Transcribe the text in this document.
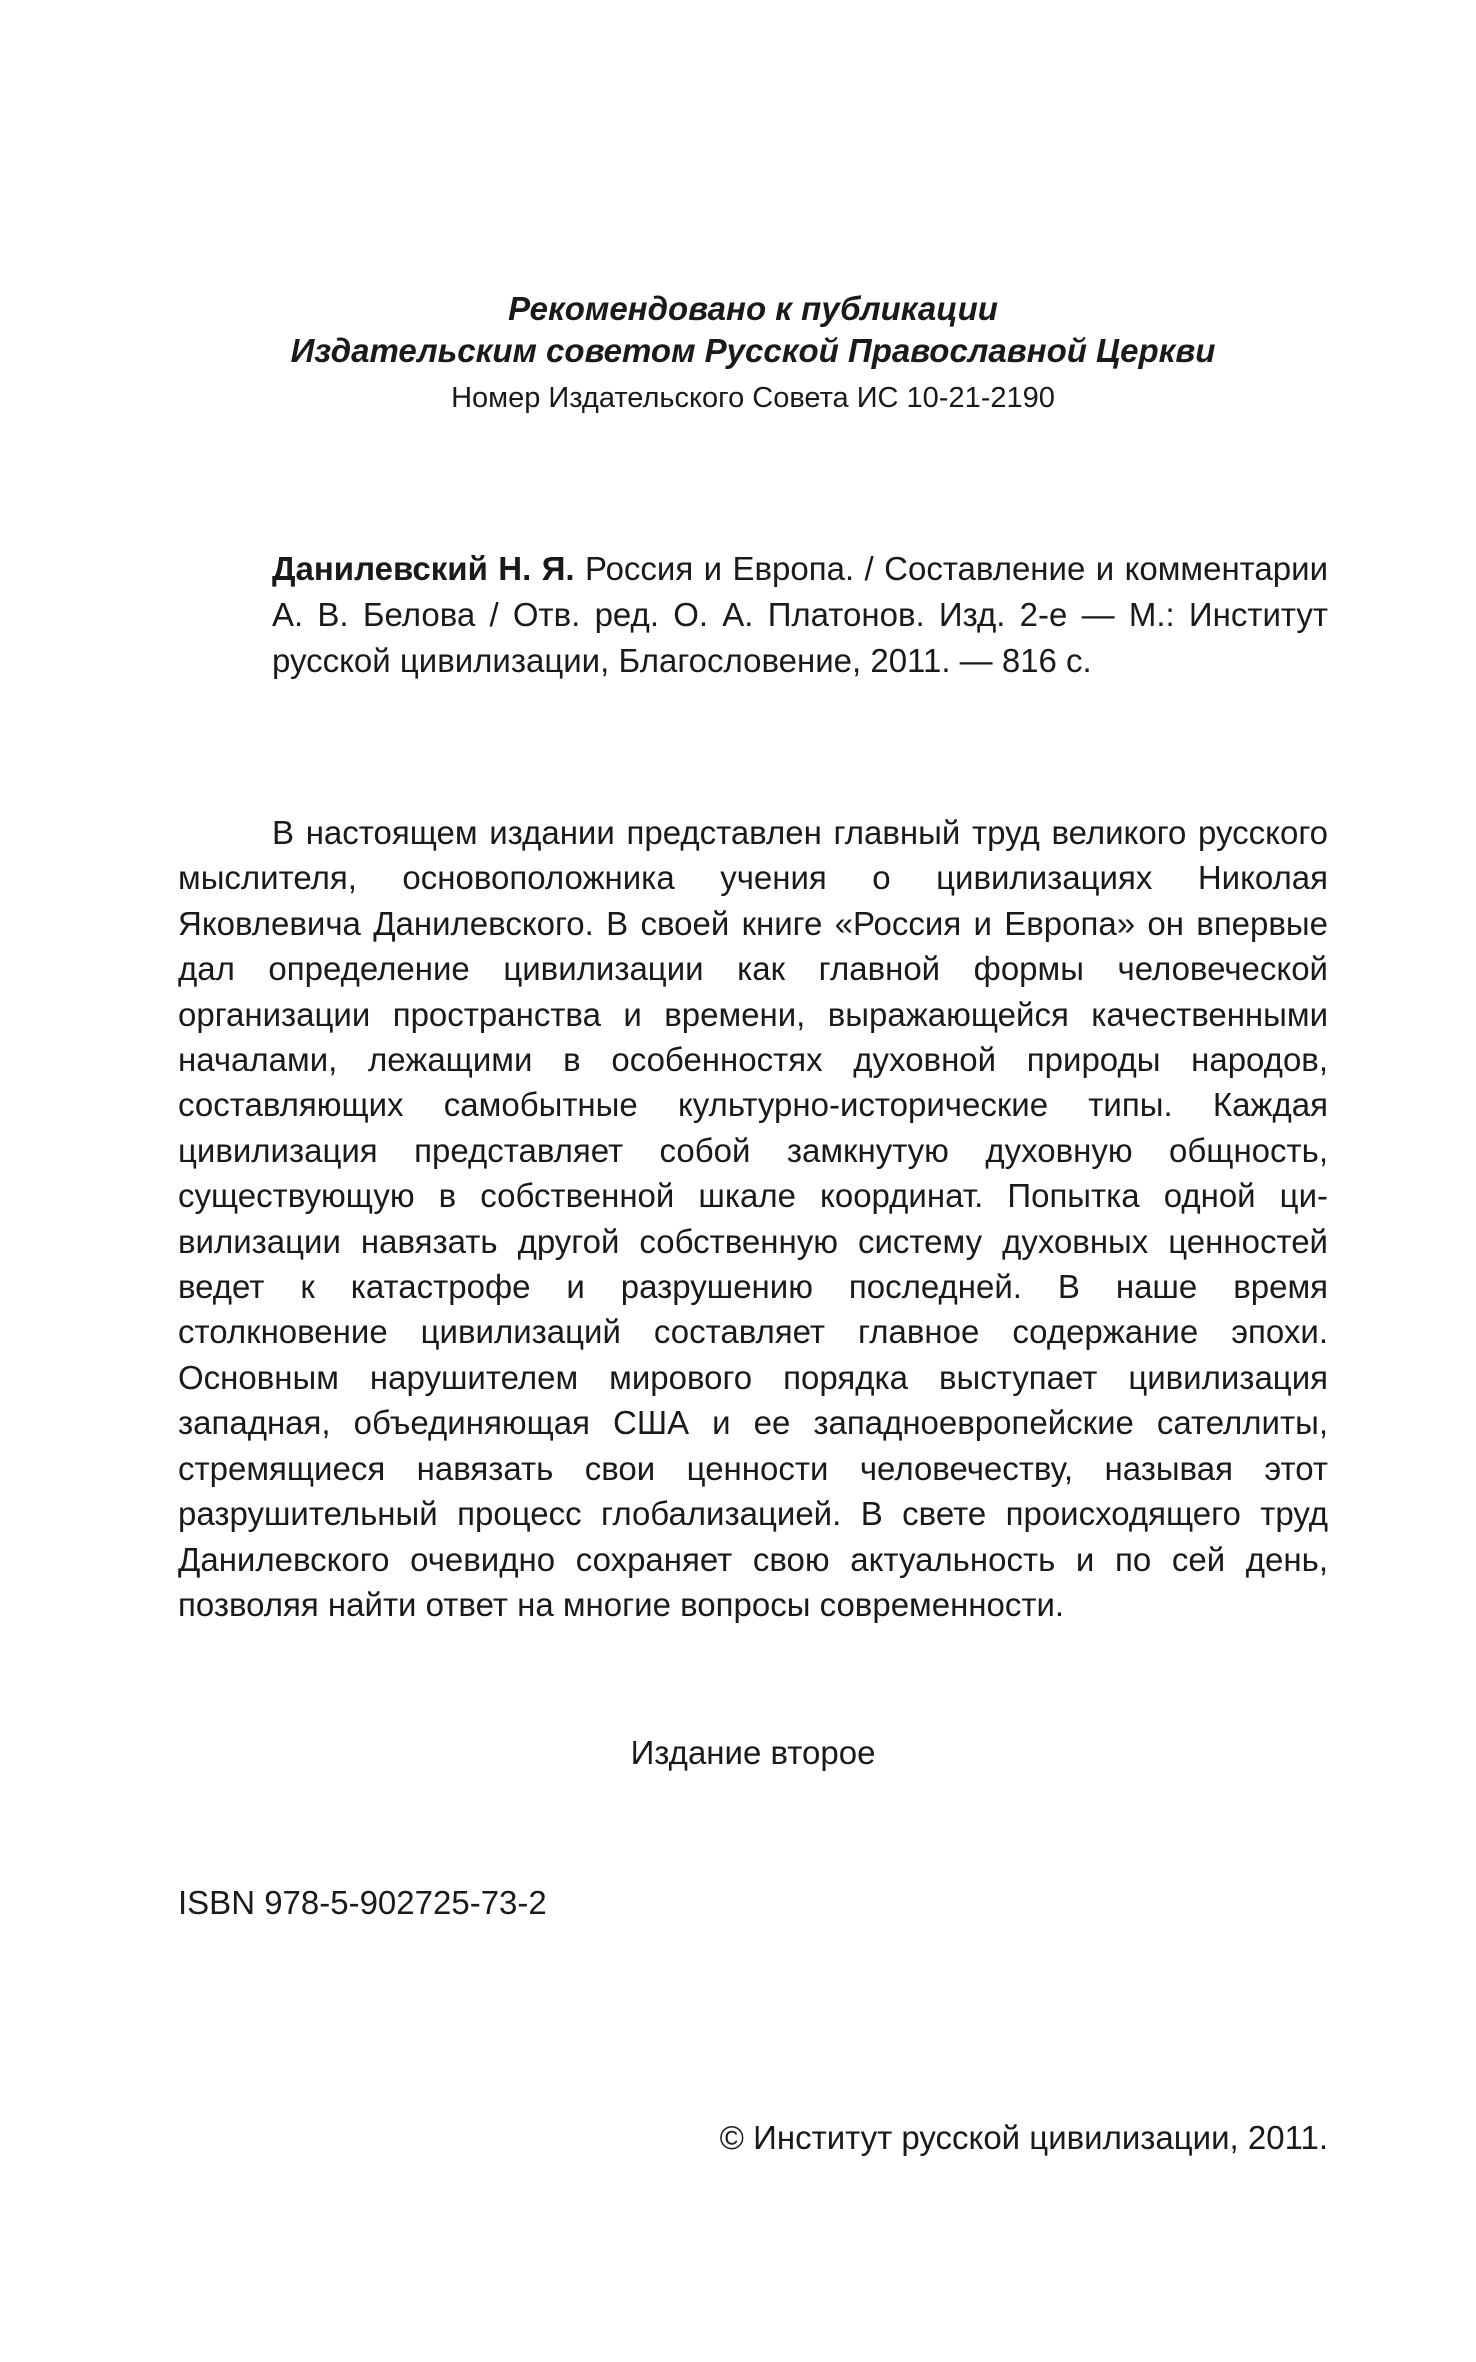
Рекомендовано к публикации
Издательским советом Русской Православной Церкви
Номер Издательского Совета ИС 10-21-2190
Данилевский Н. Я. Россия и Европа. / Составление и комментарии А. В. Белова / Отв. ред. О. А. Платонов. Изд. 2-е — М.: Институт русской цивилизации, Благословение, 2011. — 816 с.
В настоящем издании представлен главный труд великого русского мыслителя, основоположника учения о цивилизациях Николая Яковлевича Данилевского. В своей книге «Россия и Европа» он впервые дал определение цивилизации как главной формы человеческой организации пространства и времени, выражающейся качественными началами, лежащими в особенностях духовной природы народов, составляющих самобытные культурно-исторические типы. Каждая цивилизация представляет собой замкнутую духовную общность, существующую в собственной шкале координат. Попытка одной цивилизации навязать другой собственную систему духовных ценностей ведет к катастрофе и разрушению последней. В наше время столкновение цивилизаций составляет главное содержание эпохи. Основным нарушителем мирового порядка выступает цивилизация западная, объединяющая США и ее западноевропейские сателлиты, стремящиеся навязать свои ценности человечеству, называя этот разрушительный процесс глобализацией. В свете происходящего труд Данилевского очевидно сохраняет свою актуальность и по сей день, позволяя найти ответ на многие вопросы современности.
Издание второе
ISBN 978-5-902725-73-2
© Институт русской цивилизации, 2011.
